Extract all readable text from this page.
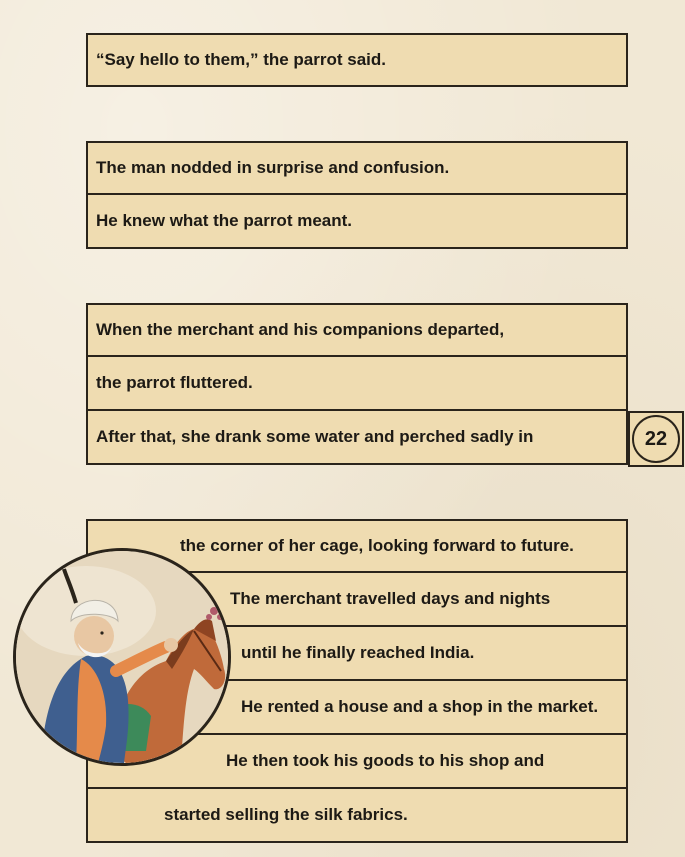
“Say hello to them,” the parrot said.
The man nodded in surprise and confusion.
He knew what the parrot meant.
When the merchant and his companions departed,
the parrot fluttered.
After that, she drank some water and perched sadly in	22
the corner of her cage, looking forward to future.
The merchant travelled days and nights
until he finally reached India.
He rented a house and a shop in the market.
He then took his goods to his shop and
started selling the silk fabrics.
